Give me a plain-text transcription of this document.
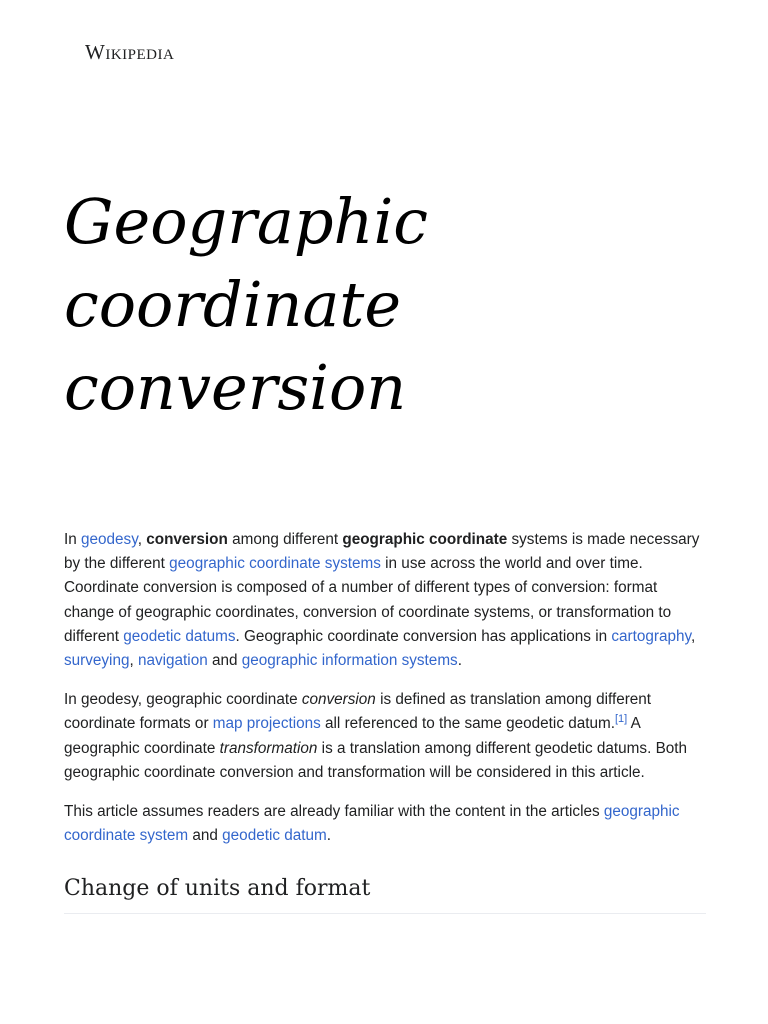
Wikipedia
Geographic coordinate conversion

In geodesy, conversion among different geographic coordinate systems is made necessary by the different geographic coordinate systems in use across the world and over time. Coordinate conversion is composed of a number of different types of conversion: format change of geographic coordinates, conversion of coordinate systems, or transformation to different geodetic datums. Geographic coordinate conversion has applications in cartography, surveying, navigation and geographic information systems.

In geodesy, geographic coordinate conversion is defined as translation among different coordinate formats or map projections all referenced to the same geodetic datum.[1] A geographic coordinate transformation is a translation among different geodetic datums. Both geographic coordinate conversion and transformation will be considered in this article.

This article assumes readers are already familiar with the content in the articles geographic coordinate system and geodetic datum.

Change of units and format
